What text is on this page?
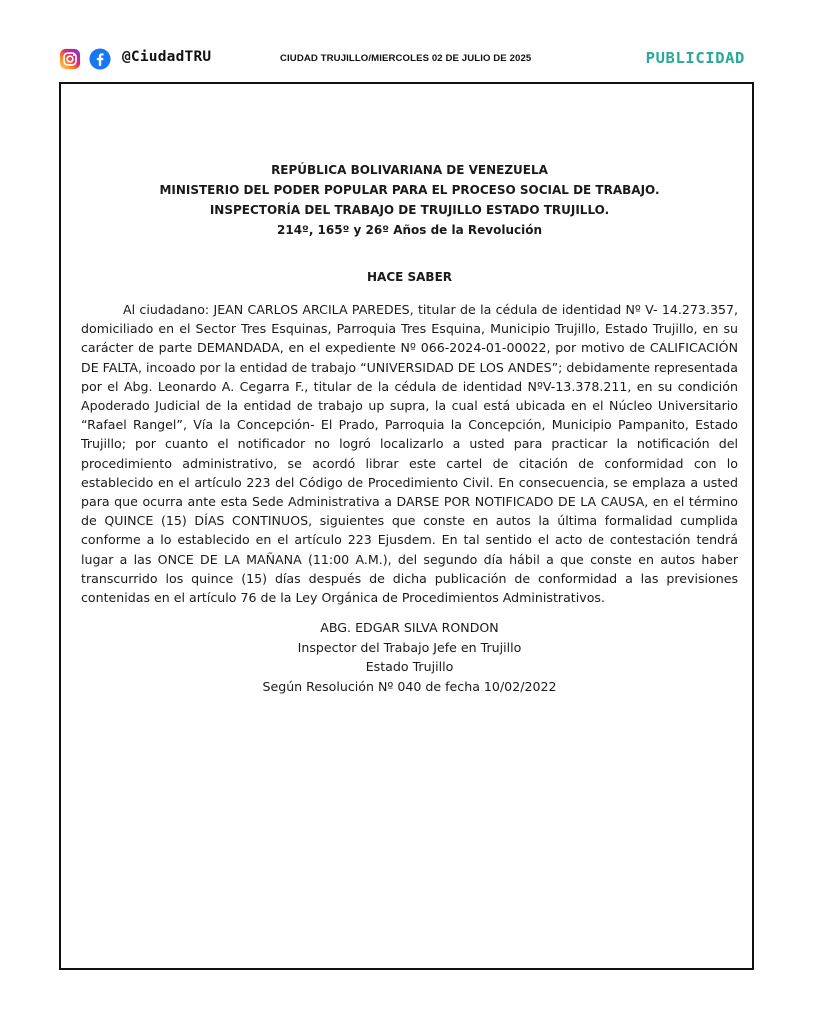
@CiudadTRU	CIUDAD TRUJILLO/MIERCOLES 02 DE JULIO DE 2025	PUBLICIDAD
REPÚBLICA BOLIVARIANA DE VENEZUELA
MINISTERIO DEL PODER POPULAR PARA EL PROCESO SOCIAL DE TRABAJO.
INSPECTORÍA DEL TRABAJO DE TRUJILLO ESTADO TRUJILLO.
214º, 165º y 26º Años de la Revolución
HACE SABER

Al ciudadano: JEAN CARLOS ARCILA PAREDES, titular de la cédula de identidad Nº V- 14.273.357, domiciliado en el Sector Tres Esquinas, Parroquia Tres Esquina, Municipio Trujillo, Estado Trujillo, en su carácter de parte DEMANDADA, en el expediente Nº 066-2024-01-00022, por motivo de CALIFICACIÓN DE FALTA, incoado por la entidad de trabajo “UNIVERSIDAD DE LOS ANDES”; debidamente representada por el Abg. Leonardo A. Cegarra F., titular de la cédula de identidad NºV-13.378.211, en su condición Apoderado Judicial de la entidad de trabajo up supra, la cual está ubicada en el Núcleo Universitario “Rafael Rangel”, Vía la Concepción- El Prado, Parroquia la Concepción, Municipio Pampanito, Estado Trujillo; por cuanto el notificador no logró localizarlo a usted para practicar la notificación del procedimiento administrativo, se acordó librar este cartel de citación de conformidad con lo establecido en el artículo 223 del Código de Procedimiento Civil. En consecuencia, se emplaza a usted para que ocurra ante esta Sede Administrativa a DARSE POR NOTIFICADO DE LA CAUSA, en el término de QUINCE (15) DÍAS CONTINUOS, siguientes que conste en autos la última formalidad cumplida conforme a lo establecido en el artículo 223 Ejusdem. En tal sentido el acto de contestación tendrá lugar a las ONCE DE LA MAÑANA (11:00 A.M.), del segundo día hábil a que conste en autos haber transcurrido los quince (15) días después de dicha publicación de conformidad a las previsiones contenidas en el artículo 76 de la Ley Orgánica de Procedimientos Administrativos.

ABG. EDGAR SILVA RONDON
Inspector del Trabajo Jefe en Trujillo
Estado Trujillo
Según Resolución Nº 040 de fecha 10/02/2022
